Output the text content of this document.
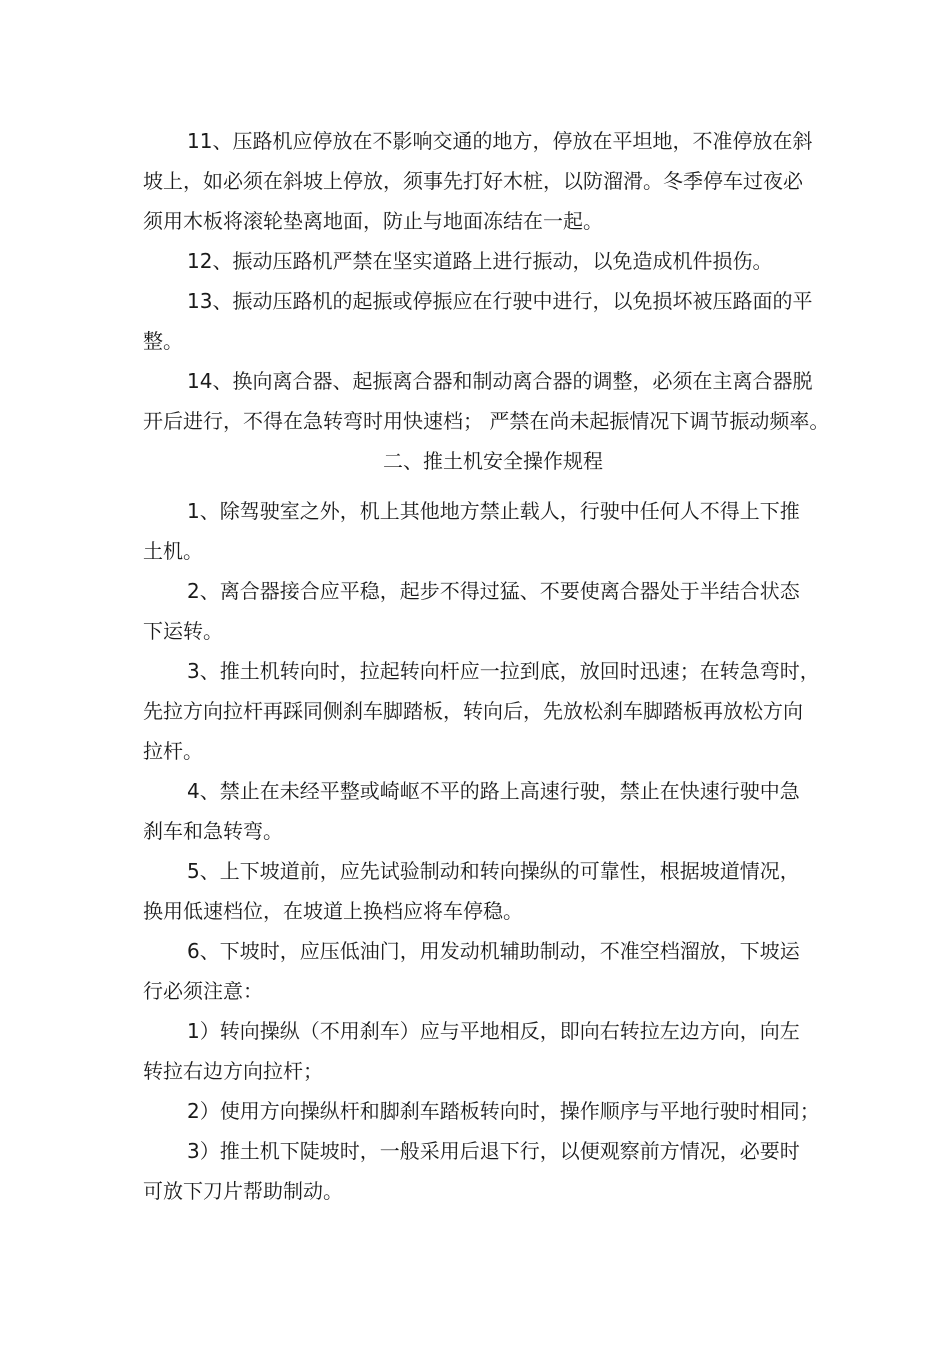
11、压路机应停放在不影响交通的地方，停放在平坦地，不准停放在斜

坡上，如必须在斜坡上停放，须事先打好木桩，以防溜滑。冬季停车过夜必

须用木板将滚轮垫离地面，防止与地面冻结在一起。

12、振动压路机严禁在坚实道路上进行振动，以免造成机件损伤。

13、振动压路机的起振或停振应在行驶中进行，以免损坏被压路面的平

整。

14、换向离合器、起振离合器和制动离合器的调整，必须在主离合器脱

开后进行，不得在急转弯时用快速档； 严禁在尚未起振情况下调节振动频率。

二、推土机安全操作规程

1、除驾驶室之外，机上其他地方禁止载人，行驶中任何人不得上下推

土机。

2、离合器接合应平稳，起步不得过猛、不要使离合器处于半结合状态

下运转。

3、推土机转向时，拉起转向杆应一拉到底，放回时迅速；在转急弯时，

先拉方向拉杆再踩同侧刹车脚踏板，转向后，先放松刹车脚踏板再放松方向

拉杆。

4、禁止在未经平整或崎岖不平的路上高速行驶，禁止在快速行驶中急

刹车和急转弯。

5、上下坡道前，应先试验制动和转向操纵的可靠性，根据坡道情况，

换用低速档位，在坡道上换档应将车停稳。

6、下坡时，应压低油门，用发动机辅助制动，不准空档溜放，下坡运

行必须注意：

1）转向操纵（不用刹车）应与平地相反，即向右转拉左边方向，向左

转拉右边方向拉杆；

2）使用方向操纵杆和脚刹车踏板转向时，操作顺序与平地行驶时相同；

3）推土机下陡坡时，一般采用后退下行，以便观察前方情况，必要时

可放下刀片帮助制动。
